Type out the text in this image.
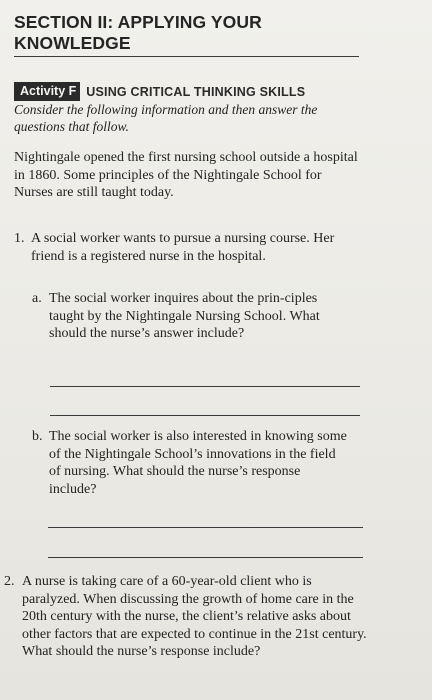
SECTION II: APPLYING YOUR KNOWLEDGE
Activity F USING CRITICAL THINKING SKILLS
Consider the following information and then answer the questions that follow.
Nightingale opened the first nursing school outside a hospital in 1860. Some principles of the Nightingale School for Nurses are still taught today.
1. A social worker wants to pursue a nursing course. Her friend is a registered nurse in the hospital.
a. The social worker inquires about the prin-ciples taught by the Nightingale Nursing School. What should the nurse’s answer include?
b. The social worker is also interested in knowing some of the Nightingale School’s innovations in the field of nursing. What should the nurse’s response include?
2. A nurse is taking care of a 60-year-old client who is paralyzed. When discussing the growth of home care in the 20th century with the nurse, the client’s relative asks about other factors that are expected to continue in the 21st century. What should the nurse’s response include?
